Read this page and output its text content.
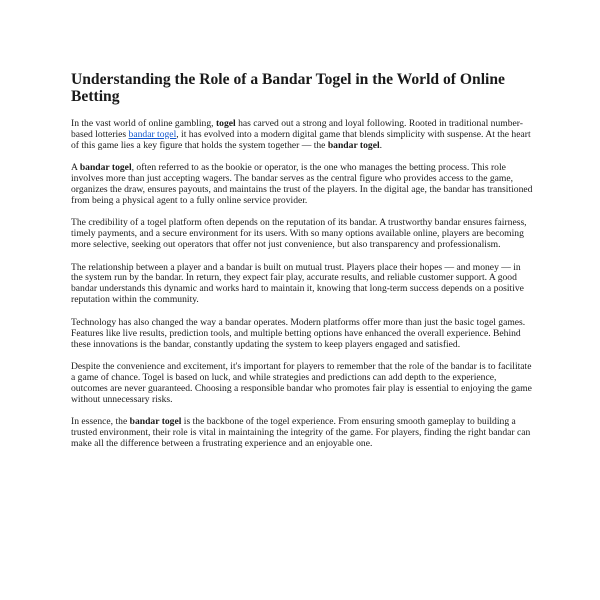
Understanding the Role of a Bandar Togel in the World of Online Betting

In the vast world of online gambling, togel has carved out a strong and loyal following. Rooted in traditional number-based lotteries bandar togel, it has evolved into a modern digital game that blends simplicity with suspense. At the heart of this game lies a key figure that holds the system together — the bandar togel.

A bandar togel, often referred to as the bookie or operator, is the one who manages the betting process. This role involves more than just accepting wagers. The bandar serves as the central figure who provides access to the game, organizes the draw, ensures payouts, and maintains the trust of the players. In the digital age, the bandar has transitioned from being a physical agent to a fully online service provider.

The credibility of a togel platform often depends on the reputation of its bandar. A trustworthy bandar ensures fairness, timely payments, and a secure environment for its users. With so many options available online, players are becoming more selective, seeking out operators that offer not just convenience, but also transparency and professionalism.

The relationship between a player and a bandar is built on mutual trust. Players place their hopes — and money — in the system run by the bandar. In return, they expect fair play, accurate results, and reliable customer support. A good bandar understands this dynamic and works hard to maintain it, knowing that long-term success depends on a positive reputation within the community.

Technology has also changed the way a bandar operates. Modern platforms offer more than just the basic togel games. Features like live results, prediction tools, and multiple betting options have enhanced the overall experience. Behind these innovations is the bandar, constantly updating the system to keep players engaged and satisfied.

Despite the convenience and excitement, it's important for players to remember that the role of the bandar is to facilitate a game of chance. Togel is based on luck, and while strategies and predictions can add depth to the experience, outcomes are never guaranteed. Choosing a responsible bandar who promotes fair play is essential to enjoying the game without unnecessary risks.

In essence, the bandar togel is the backbone of the togel experience. From ensuring smooth gameplay to building a trusted environment, their role is vital in maintaining the integrity of the game. For players, finding the right bandar can make all the difference between a frustrating experience and an enjoyable one.
